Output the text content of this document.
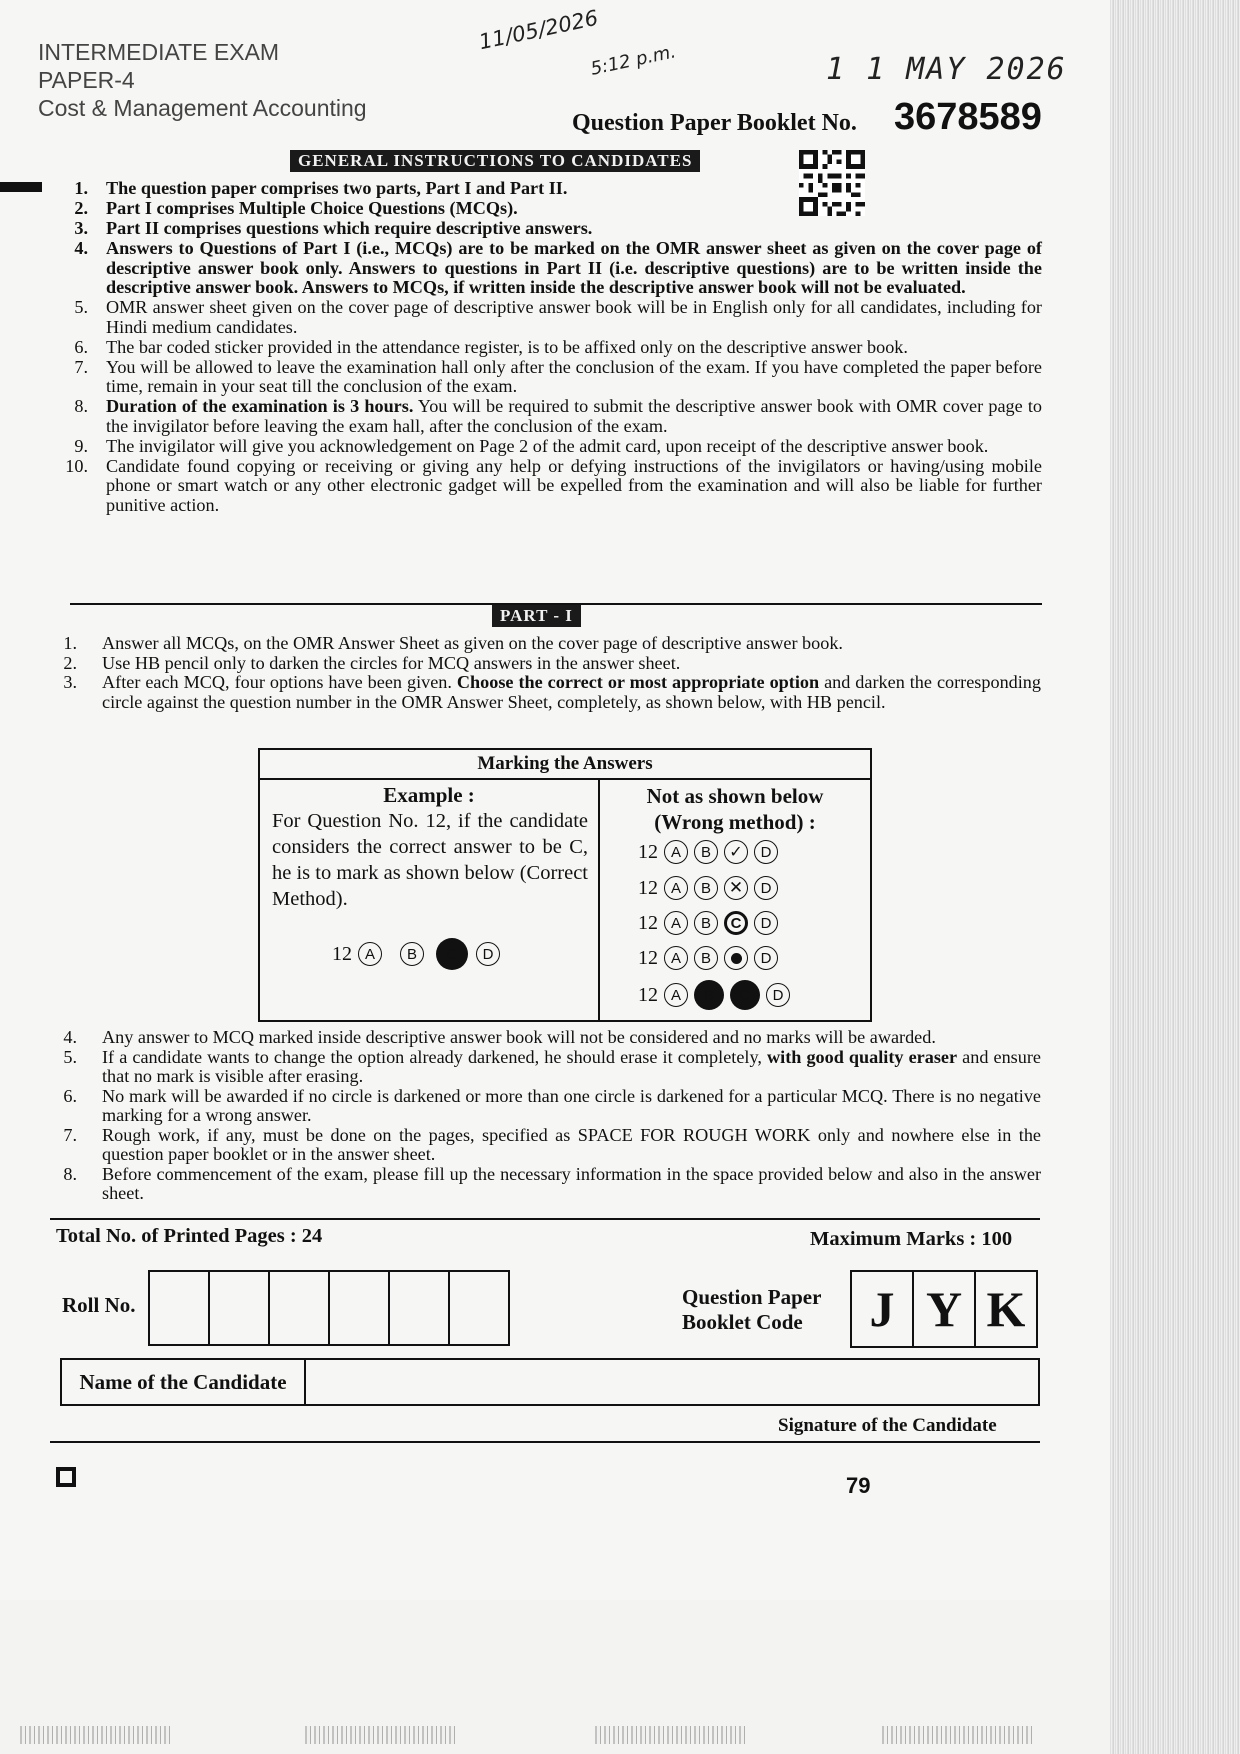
INTERMEDIATE EXAM
PAPER-4
Cost & Management Accounting
11/05/2026
5:12 p.m.	1 1 MAY 2026
Question Paper Booklet No. 3678589
GENERAL INSTRUCTIONS TO CANDIDATES
1. The question paper comprises two parts, Part I and Part II.
2. Part I comprises Multiple Choice Questions (MCQs).
3. Part II comprises questions which require descriptive answers.
4. Answers to Questions of Part I (i.e., MCQs) are to be marked on the OMR answer sheet as given on the cover page of descriptive answer book only. Answers to questions in Part II (i.e. descriptive questions) are to be written inside the descriptive answer book. Answers to MCQs, if written inside the descriptive answer book will not be evaluated.
5. OMR answer sheet given on the cover page of descriptive answer book will be in English only for all candidates, including for Hindi medium candidates.
6. The bar coded sticker provided in the attendance register, is to be affixed only on the descriptive answer book.
7. You will be allowed to leave the examination hall only after the conclusion of the exam. If you have completed the paper before time, remain in your seat till the conclusion of the exam.
8. Duration of the examination is 3 hours. You will be required to submit the descriptive answer book with OMR cover page to the invigilator before leaving the exam hall, after the conclusion of the exam.
9. The invigilator will give you acknowledgement on Page 2 of the admit card, upon receipt of the descriptive answer book.
10. Candidate found copying or receiving or giving any help or defying instructions of the invigilators or having/using mobile phone or smart watch or any other electronic gadget will be expelled from the examination and will also be liable for further punitive action.
PART - I
1. Answer all MCQs, on the OMR Answer Sheet as given on the cover page of descriptive answer book.
2. Use HB pencil only to darken the circles for MCQ answers in the answer sheet.
3. After each MCQ, four options have been given. Choose the correct or most appropriate option and darken the corresponding circle against the question number in the OMR Answer Sheet, completely, as shown below, with HB pencil.
Marking the Answers
Example :
For Question No. 12, if the candidate considers the correct answer to be C, he is to mark as shown below (Correct Method).
12 A	B	C	D
Not as shown below
(Wrong method) :
12 A	B	✓	D
12 A	B	✕	D
12 A	B	C	D
12 A	B	D
12 A	B	C	D
4. Any answer to MCQ marked inside descriptive answer book will not be considered and no marks will be awarded.
5. If a candidate wants to change the option already darkened, he should erase it completely, with good quality eraser and ensure that no mark is visible after erasing.
6. No mark will be awarded if no circle is darkened or more than one circle is darkened for a particular MCQ. There is no negative marking for a wrong answer.
7. Rough work, if any, must be done on the pages, specified as SPACE FOR ROUGH WORK only and nowhere else in the question paper booklet or in the answer sheet.
8. Before commencement of the exam, please fill up the necessary information in the space provided below and also in the answer sheet.
Total No. of Printed Pages : 24	Maximum Marks : 100
Roll No.	Question Paper
Booklet Code	J Y K
Name of the Candidate
Signature of the Candidate
79
